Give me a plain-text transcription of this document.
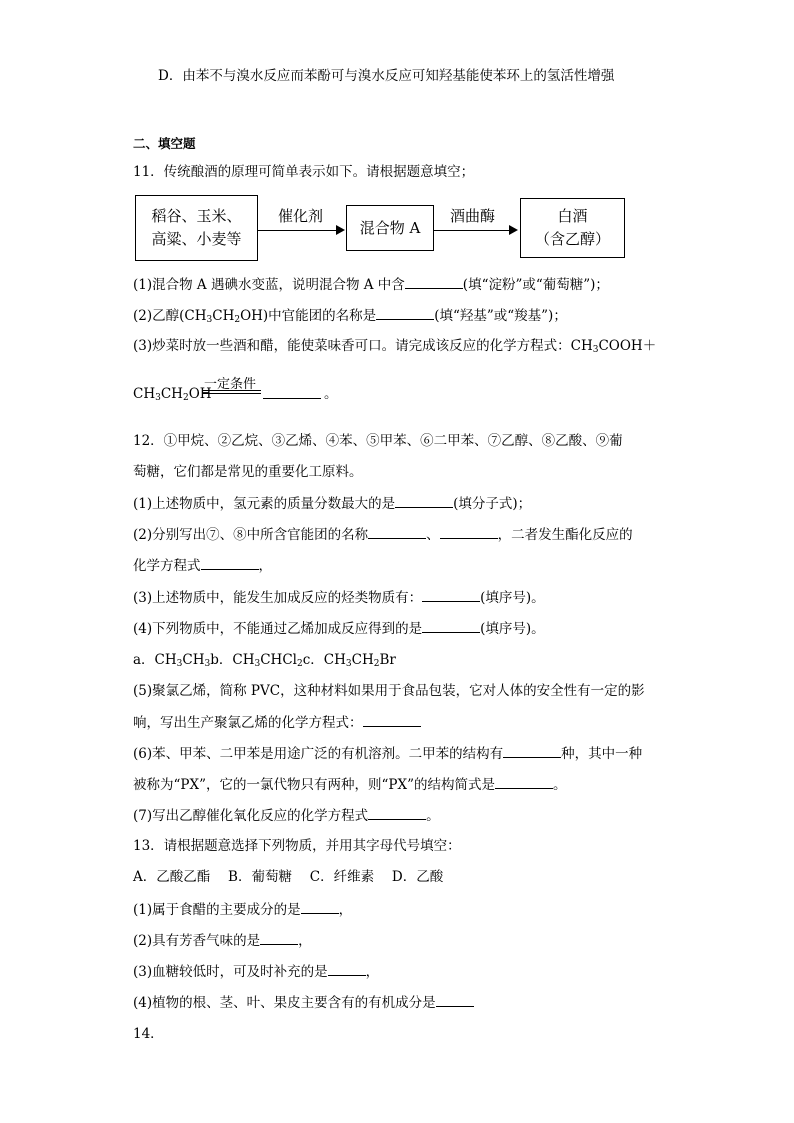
D．由苯不与溴水反应而苯酚可与溴水反应可知羟基能使苯环上的氢活性增强
二、填空题
11．传统酿酒的原理可简单表示如下。请根据题意填空；
稻谷、玉米、
高粱、小麦等
催化剂
混合物 A
酒曲酶	白酒
（含乙醇）
(1)混合物 A 遇碘水变蓝，说明混合物 A 中含	(填“淀粉”或“葡萄糖”)；
(2)乙醇$(CH_3CH_2OH)$中官能团的名称是	(填“羟基”或“羧基”)；
(3)炒菜时放一些酒和醋，能使菜味香可口。请完成该反应的化学方程式：$CH_3COOH+$
$CH_3CH_2OH$
一定条件
。
12．①甲烷、②乙烷、③乙烯、④苯、⑤甲苯、⑥二甲苯、⑦乙醇、⑧乙酸、⑨葡
萄糖，它们都是常见的重要化工原料。
(1)上述物质中，氢元素的质量分数最大的是	(填分子式)；
(2)分别写出⑦、⑧中所含官能团的名称	、	，二者发生酯化反应的
化学方程式	，
(3)上述物质中，能发生加成反应的烃类物质有：	(填序号)。
(4)下列物质中，不能通过乙烯加成反应得到的是	(填序号)。
a．$CH_3CH_3b$．$CH_3CHCl_2c$．$CH_3CH_2Br$
(5)聚氯乙烯，简称 PVC，这种材料如果用于食品包装，它对人体的安全性有一定的影
响，写出生产聚氯乙烯的化学方程式：
(6)苯、甲苯、二甲苯是用途广泛的有机溶剂。二甲苯的结构有	种，其中一种
被称为“PX”，它的一氯代物只有两种，则“PX”的结构简式是	。
(7)写出乙醇催化氧化反应的化学方程式	。
13．请根据题意选择下列物质，并用其字母代号填空：
A．乙酸乙酯　 B．葡萄糖　 C．纤维素　 D．乙酸
(1)属于食醋的主要成分的是	，
(2)具有芳香气味的是	，
(3)血糖较低时，可及时补充的是	，
(4)植物的根、茎、叶、果皮主要含有的有机成分是
14．
